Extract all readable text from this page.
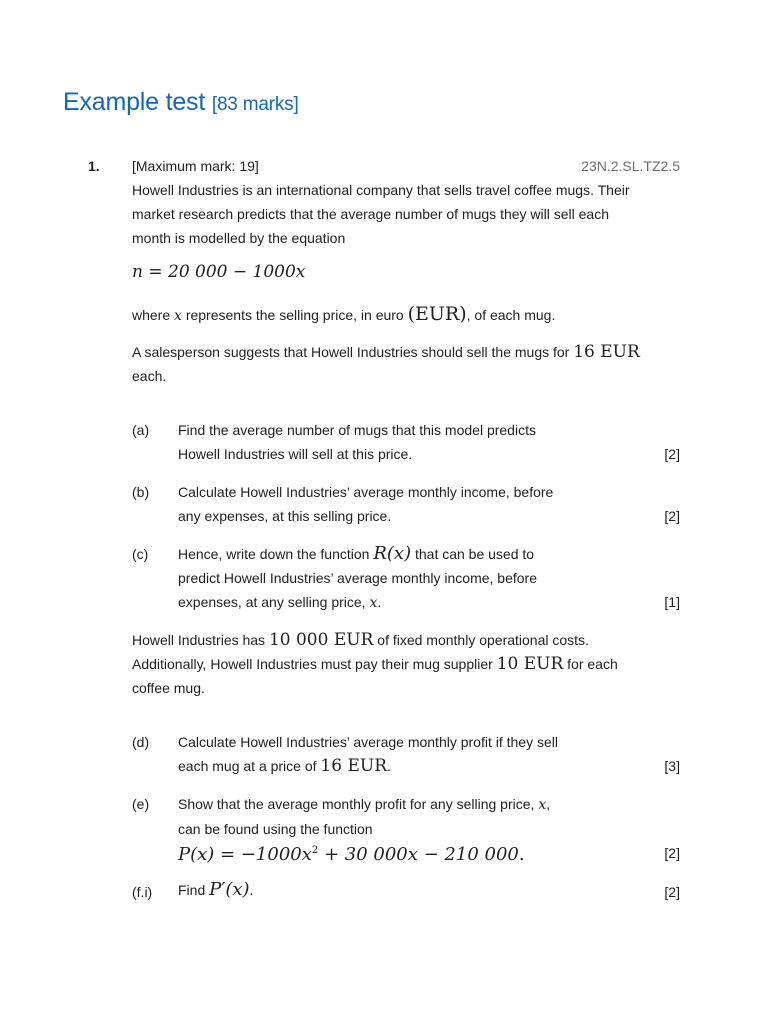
Example test [83 marks]
1. [Maximum mark: 19]	23N.2.SL.TZ2.5
Howell Industries is an international company that sells travel coffee mugs. Their
market research predicts that the average number of mugs they will sell each
month is modelled by the equation
n = 20 000 − 1000x
where x represents the selling price, in euro (EUR), of each mug.
A salesperson suggests that Howell Industries should sell the mugs for 16 EUR
each.
(a) Find the average number of mugs that this model predicts
Howell Industries will sell at this price.	[2]
(b) Calculate Howell Industries’ average monthly income, before
any expenses, at this selling price.	[2]
(c) Hence, write down the function R(x) that can be used to
predict Howell Industries’ average monthly income, before
expenses, at any selling price, x.	[1]
Howell Industries has 10 000 EUR of fixed monthly operational costs.
Additionally, Howell Industries must pay their mug supplier 10 EUR for each
coffee mug.
(d) Calculate Howell Industries’ average monthly profit if they sell
each mug at a price of 16 EUR.	[3]
(e) Show that the average monthly profit for any selling price, x,
can be found using the function
$P(x) = -1000x^2 + 30$ 000x − 210 000.	[2]
(f.i) Find P′(x).	[2]
